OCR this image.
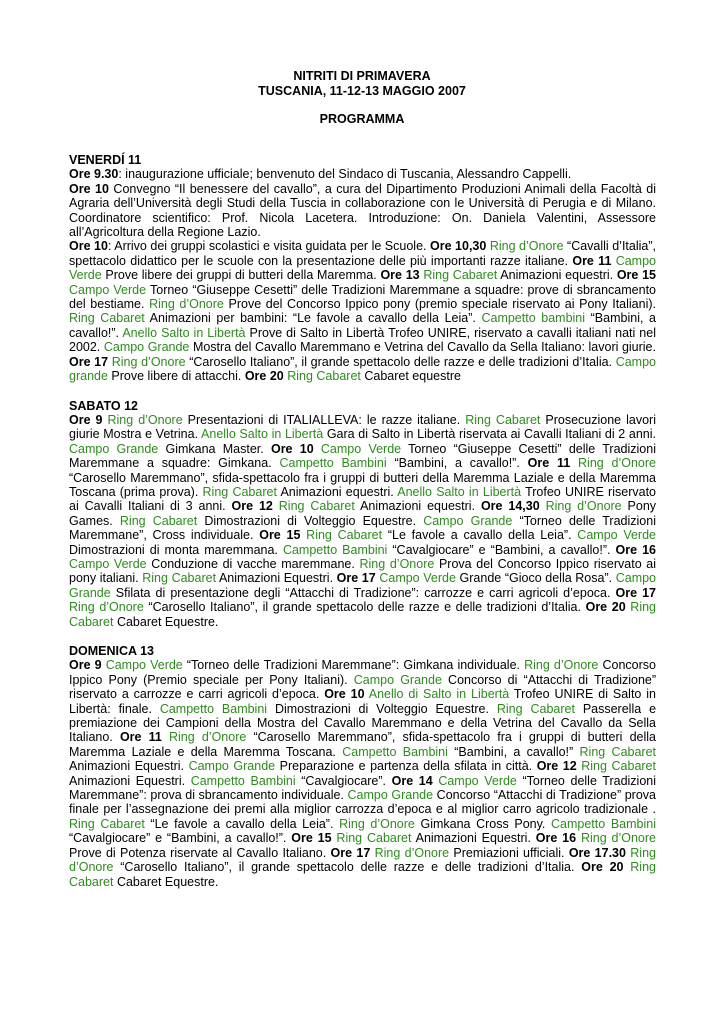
NITRITI DI PRIMAVERA
TUSCANIA, 11-12-13 MAGGIO 2007
PROGRAMMA

VENERDÍ 11

Ore 9.30: inaugurazione ufficiale; benvenuto del Sindaco di Tuscania, Alessandro Cappelli.

Ore 10 Convegno “Il benessere del cavallo”, a cura del Dipartimento Produzioni Animali della Facoltà di Agraria dell’Università degli Studi della Tuscia in collaborazione con le Università di Perugia e di Milano. Coordinatore scientifico: Prof. Nicola Lacetera. Introduzione: On. Daniela Valentini, Assessore all’Agricoltura della Regione Lazio.

Ore 10: Arrivo dei gruppi scolastici e visita guidata per le Scuole. Ore 10,30 Ring d’Onore “Cavalli d’Italia”, spettacolo didattico per le scuole con la presentazione delle più importanti razze italiane. Ore 11 Campo Verde Prove libere dei gruppi di butteri della Maremma. Ore 13 Ring Cabaret Animazioni equestri. Ore 15 Campo Verde Torneo “Giuseppe Cesetti” delle Tradizioni Maremmane a squadre: prove di sbrancamento del bestiame. Ring d’Onore Prove del Concorso Ippico pony (premio speciale riservato ai Pony Italiani). Ring Cabaret Animazioni per bambini: “Le favole a cavallo della Leia”. Campetto bambini “Bambini, a cavallo!”. Anello Salto in Libertà Prove di Salto in Libertà Trofeo UNIRE, riservato a cavalli italiani nati nel 2002. Campo Grande Mostra del Cavallo Maremmano e Vetrina del Cavallo da Sella Italiano: lavori giurie. Ore 17 Ring d’Onore “Carosello Italiano”, il grande spettacolo delle razze e delle tradizioni d’Italia. Campo grande Prove libere di attacchi. Ore 20 Ring Cabaret Cabaret equestre

SABATO 12

Ore 9 Ring d’Onore Presentazioni di ITALIALLEVA: le razze italiane. Ring Cabaret Prosecuzione lavori giurie Mostra e Vetrina. Anello Salto in Libertà Gara di Salto in Libertà riservata ai Cavalli Italiani di 2 anni. Campo Grande Gimkana Master. Ore 10 Campo Verde Torneo “Giuseppe Cesetti” delle Tradizioni Maremmane a squadre: Gimkana. Campetto Bambini “Bambini, a cavallo!”. Ore 11 Ring d’Onore “Carosello Maremmano”, sfida-spettacolo fra i gruppi di butteri della Maremma Laziale e della Maremma Toscana (prima prova). Ring Cabaret Animazioni equestri. Anello Salto in Libertà Trofeo UNIRE riservato ai Cavalli Italiani di 3 anni. Ore 12 Ring Cabaret Animazioni equestri. Ore 14,30 Ring d’Onore Pony Games. Ring Cabaret Dimostrazioni di Volteggio Equestre. Campo Grande “Torneo delle Tradizioni Maremmane”, Cross individuale. Ore 15 Ring Cabaret “Le favole a cavallo della Leia”. Campo Verde Dimostrazioni di monta maremmana. Campetto Bambini “Cavalgiocare” e “Bambini, a cavallo!”. Ore 16 Campo Verde Conduzione di vacche maremmane. Ring d’Onore Prova del Concorso Ippico riservato ai pony italiani. Ring Cabaret Animazioni Equestri. Ore 17 Campo Verde Grande “Gioco della Rosa”. Campo Grande Sfilata di presentazione degli “Attacchi di Tradizione”: carrozze e carri agricoli d’epoca. Ore 17 Ring d’Onore “Carosello Italiano”, il grande spettacolo delle razze e delle tradizioni d’Italia. Ore 20 Ring Cabaret Cabaret Equestre.

DOMENICA 13

Ore 9 Campo Verde “Torneo delle Tradizioni Maremmane”: Gimkana individuale. Ring d’Onore Concorso Ippico Pony (Premio speciale per Pony Italiani). Campo Grande Concorso di “Attacchi di Tradizione” riservato a carrozze e carri agricoli d’epoca. Ore 10 Anello di Salto in Libertà Trofeo UNIRE di Salto in Libertà: finale. Campetto Bambini Dimostrazioni di Volteggio Equestre. Ring Cabaret Passerella e premiazione dei Campioni della Mostra del Cavallo Maremmano e della Vetrina del Cavallo da Sella Italiano. Ore 11 Ring d’Onore “Carosello Maremmano”, sfida-spettacolo fra i gruppi di butteri della Maremma Laziale e della Maremma Toscana. Campetto Bambini “Bambini, a cavallo!” Ring Cabaret Animazioni Equestri. Campo Grande Preparazione e partenza della sfilata in città. Ore 12 Ring Cabaret Animazioni Equestri. Campetto Bambini “Cavalgiocare”. Ore 14 Campo Verde “Torneo delle Tradizioni Maremmane”: prova di sbrancamento individuale. Campo Grande Concorso “Attacchi di Tradizione” prova finale per l’assegnazione dei premi alla miglior carrozza d’epoca e al miglior carro agricolo tradizionale . Ring Cabaret “Le favole a cavallo della Leia”. Ring d’Onore Gimkana Cross Pony. Campetto Bambini “Cavalgiocare” e “Bambini, a cavallo!”. Ore 15 Ring Cabaret Animazioni Equestri. Ore 16 Ring d’Onore Prove di Potenza riservate al Cavallo Italiano. Ore 17 Ring d’Onore Premiazioni ufficiali. Ore 17.30 Ring d’Onore “Carosello Italiano”, il grande spettacolo delle razze e delle tradizioni d’Italia. Ore 20 Ring Cabaret Cabaret Equestre.
